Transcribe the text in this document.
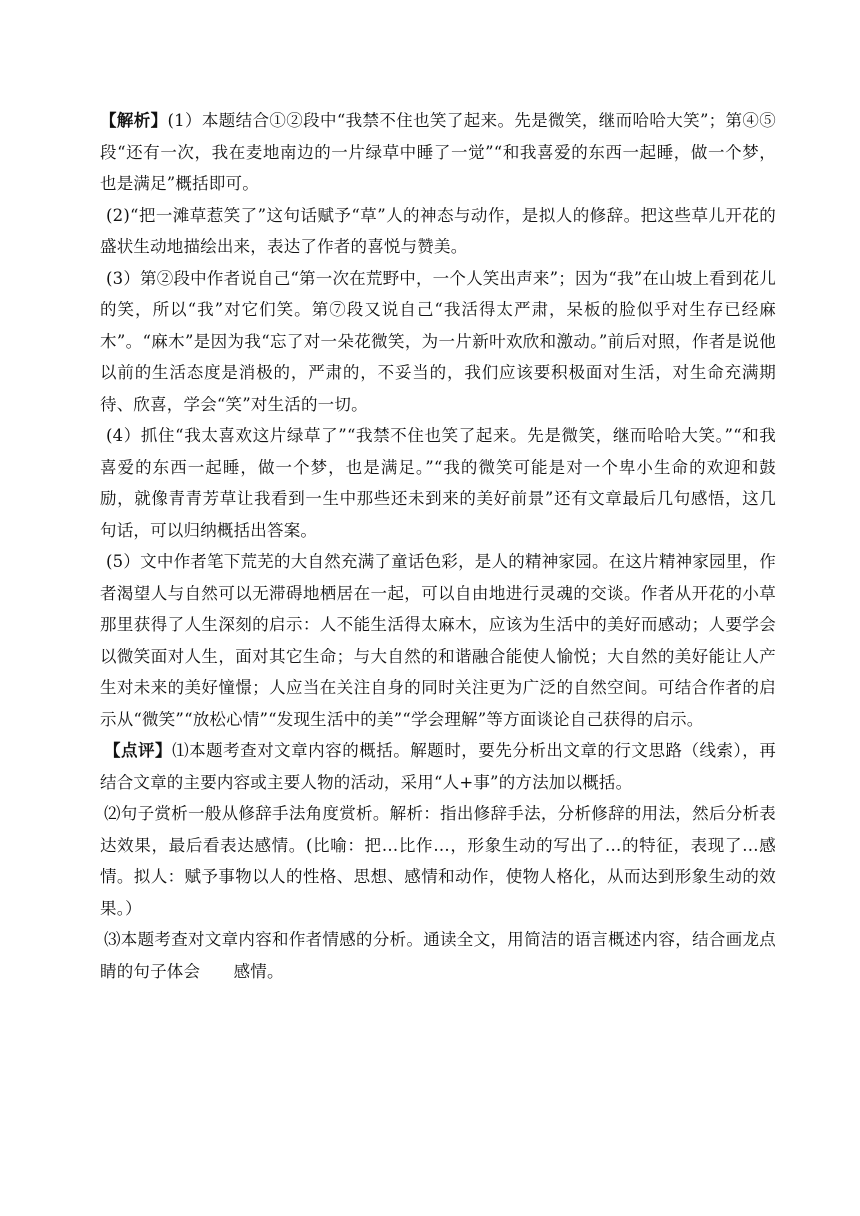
【解析】(1）本题结合①②段中“我禁不住也笑了起来。先是微笑，继而哈哈大笑”；第④⑤段“还有一次，我在麦地南边的一片绿草中睡了一觉”“和我喜爱的东西一起睡，做一个梦，也是满足”概括即可。

(2)“把一滩草惹笑了”这句话赋予“草”人的神态与动作，是拟人的修辞。把这些草儿开花的盛状生动地描绘出来，表达了作者的喜悦与赞美。

(3）第②段中作者说自己“第一次在荒野中，一个人笑出声来”；因为“我”在山坡上看到花儿的笑，所以“我”对它们笑。第⑦段又说自己“我活得太严肃，呆板的脸似乎对生存已经麻木”。“麻木”是因为我“忘了对一朵花微笑，为一片新叶欢欣和激动。”前后对照，作者是说他以前的生活态度是消极的，严肃的，不妥当的，我们应该要积极面对生活，对生命充满期待、欣喜，学会“笑”对生活的一切。

(4）抓住“我太喜欢这片绿草了”“我禁不住也笑了起来。先是微笑，继而哈哈大笑。”“和我喜爱的东西一起睡，做一个梦，也是满足。”“我的微笑可能是对一个卑小生命的欢迎和鼓励，就像青青芳草让我看到一生中那些还未到来的美好前景”还有文章最后几句感悟，这几句话，可以归纳概括出答案。

(5）文中作者笔下荒芜的大自然充满了童话色彩，是人的精神家园。在这片精神家园里，作者渴望人与自然可以无滞碍地栖居在一起，可以自由地进行灵魂的交谈。作者从开花的小草那里获得了人生深刻的启示：人不能生活得太麻木，应该为生活中的美好而感动；人要学会以微笑面对人生，面对其它生命；与大自然的和谐融合能使人愉悦；大自然的美好能让人产生对未来的美好憧憬；人应当在关注自身的同时关注更为广泛的自然空间。可结合作者的启示从“微笑”“放松心情”“发现生活中的美”“学会理解”等方面谈论自己获得的启示。

【点评】⑴本题考查对文章内容的概括。解题时，要先分析出文章的行文思路（线索），再结合文章的主要内容或主要人物的活动，采用“人+事”的方法加以概括。

⑵句子赏析一般从修辞手法角度赏析。解析：指出修辞手法，分析修辞的用法，然后分析表达效果，最后看表达感情。(比喻：把…比作…，形象生动的写出了…的特征，表现了…感情。拟人：赋予事物以人的性格、思想、感情和动作，使物人格化，从而达到形象生动的效果。）

⑶本题考查对文章内容和作者情感的分析。通读全文，用简洁的语言概述内容，结合画龙点睛的句子体会　　感情。
